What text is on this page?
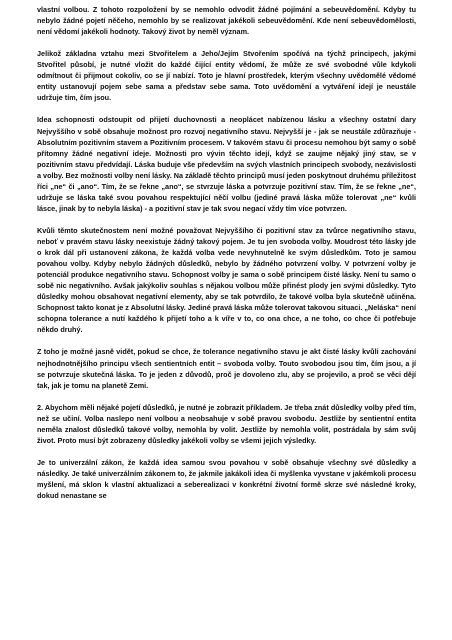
vlastní volbou. Z tohoto rozpoložení by se nemohlo odvodit žádné pojímání a sebeuvědomění. Kdyby tu nebylo žádné pojetí něčeho, nemohlo by se realizovat jakékoli sebeuvědomění. Kde není sebeuvědomělosti, není vědomí jakékoli hodnoty. Takový život by neměl význam.

Jelikož základna vztahu mezi Stvořitelem a Jeho/Jejím Stvořením spočívá na týchž principech, jakými Stvořitel působí, je nutné vložit do každé čijící entity vědomí, že může ze své svobodné vůle kdykoli odmítnout či přijmout cokoliv, co se jí nabízí. Toto je hlavní prostředek, kterým všechny uvědomělé vědomé entity ustanovují pojem sebe sama a představ sebe sama. Toto uvědomění a vytváření idejí je neustále udržuje tím, čím jsou.

Idea schopnosti odstoupit od přijetí duchovnosti a neoplácet nabízenou lásku a všechny ostatní dary Nejvyššího v sobě obsahuje možnost pro rozvoj negativního stavu. Nejvyšší je - jak se neustále zdůrazňuje - Absolutním pozitivním stavem a Pozitivním procesem. V takovém stavu či procesu nemohou být samy o sobě přítomny žádné negativní ideje. Možnosti pro vývin těchto idejí, když se zaujme nějaký jiný stav, se v pozitivním stavu předvídají. Láska buduje vše především na svých vlastních principech svobody, nezávislosti a volby. Bez možnosti volby není lásky. Na základě těchto principů musí jeden poskytnout druhému příležitost říci „ne“ či „ano“. Tím, že se řekne „ano“, se stvrzuje láska a potvrzuje pozitivní stav. Tím, že se řekne „ne“, udržuje se láska také svou povahou respektující něčí volbu (jediné pravá láska může tolerovat „ne“ kvůli lásce, jinak by to nebyla láska) - a pozitivní stav je tak svou negací vždy tím více potvrzen.

Kvůli těmto skutečnostem není možné považovat Nejvyššího či pozitivní stav za tvůrce negativního stavu, neboť v pravém stavu lásky neexistuje žádný takový pojem. Je tu jen svoboda volby. Moudrost této lásky jde o krok dál při ustanovení zákona, že každá volba vede nevyhnutelně ke svým důsledkům. Toto je samou povahou volby. Kdyby nebylo žádných důsledků, nebylo by žádného potvrzení volby. V potvrzení volby je potenciál produkce negativního stavu. Schopnost volby je sama o sobě principem čisté lásky. Není tu samo o sobě nic negativního. Avšak jakýkoliv souhlas s nějakou volbou může přinést plody jen svými důsledky. Tyto důsledky mohou obsahovat negativní elementy, aby se tak potvrdilo, že takové volba byla skutečně učiněna. Schopnost takto konat je z Absolutní lásky. Jediné pravá láska může tolerovat takovou situaci. „Neláska“ není schopna tolerance a nutí každého k přijetí toho a k víře v to, co ona chce, a ne toho, co chce či potřebuje někdo druhý.

Z toho je možné jasně vidět, pokud se chce, že tolerance negativního stavu je akt čisté lásky kvůli zachování nejhodnotnějšího principu všech sentientních entit – svoboda volby. Touto svobodou jsou tím, čím jsou, a jí se potvrzuje skutečná láska. To je jeden z důvodů, proč je dovoleno zlu, aby se projevilo, a proč se věci dějí tak, jak je tomu na planetě Zemi.

2. Abychom měli nějaké pojetí důsledků, je nutné je zobrazit příkladem. Je třeba znát důsledky volby před tím, než se učiní. Volba naslepo není volbou a neobsahuje v sobě pravou svobodu. Jestliže by sentientní entita neměla znalost důsledků takové volby, nemohla by volit. Jestliže by nemohla volit, postrádala by sám svůj život. Proto musí být zobrazeny důsledky jakékoli volby se všemi jejich výsledky.

Je to univerzální zákon, že každá idea samou svou povahou v sobě obsahuje všechny své důsledky a následky. Je také univerzálním zákonem to, že jakmile jakákoli idea či myšlenka vyvstane v jakémkoli procesu myšlení, má sklon k vlastní aktualizaci a seberealizaci v konkrétní životní formě skrze své následné kroky, dokud nenastane se
